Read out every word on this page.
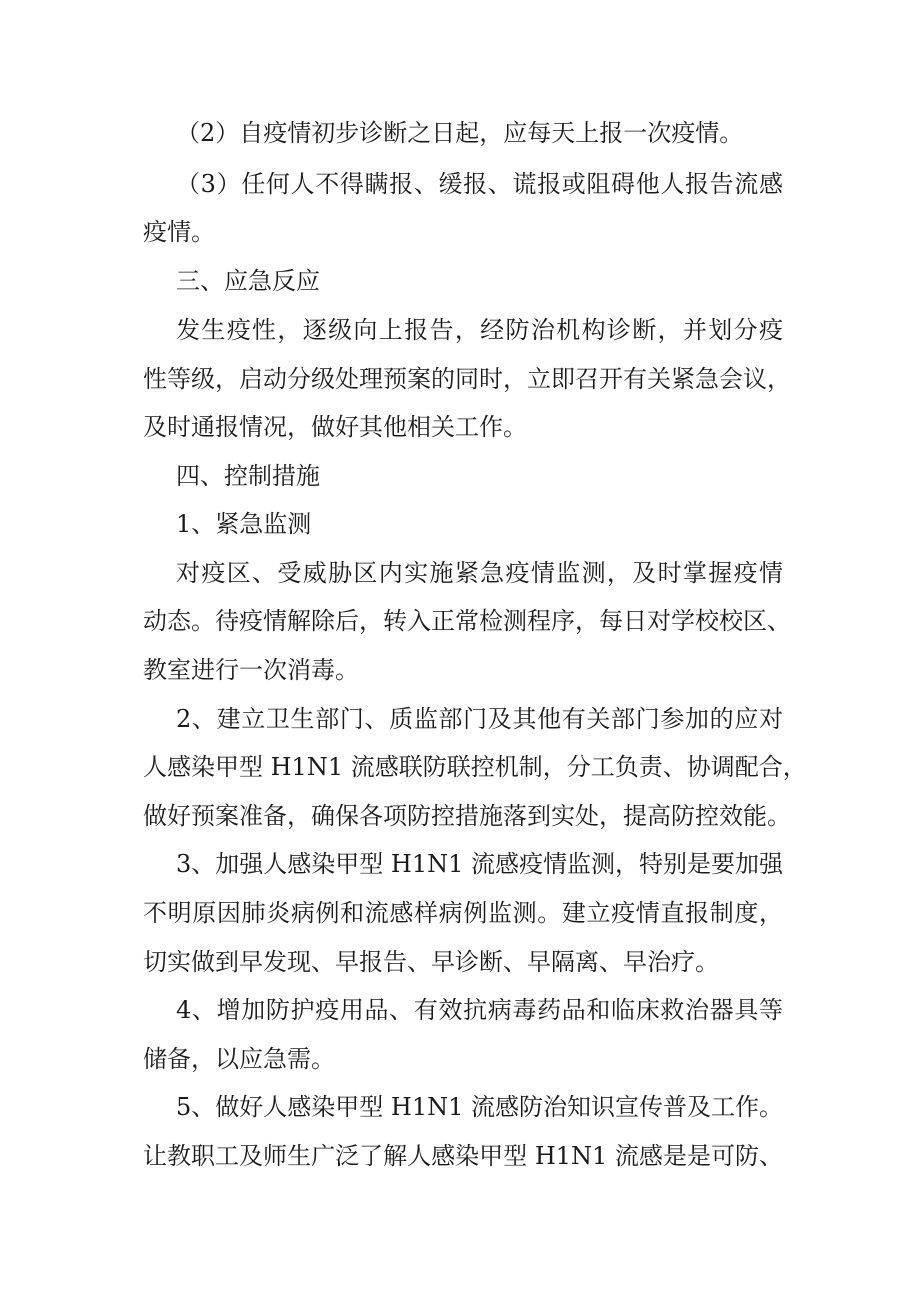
（2）自疫情初步诊断之日起，应每天上报一次疫情。
（3）任何人不得瞒报、缓报、谎报或阻碍他人报告流感
疫情。
三、应急反应
发生疫性，逐级向上报告，经防治机构诊断，并划分疫
性等级，启动分级处理预案的同时，立即召开有关紧急会议，
及时通报情况，做好其他相关工作。
四、控制措施
1、紧急监测
对疫区、受威胁区内实施紧急疫情监测，及时掌握疫情
动态。待疫情解除后，转入正常检测程序，每日对学校校区、
教室进行一次消毒。
2、建立卫生部门、质监部门及其他有关部门参加的应对
人感染甲型 H1N1 流感联防联控机制，分工负责、协调配合，
做好预案准备，确保各项防控措施落到实处，提高防控效能。
3、加强人感染甲型 H1N1 流感疫情监测，特别是要加强
不明原因肺炎病例和流感样病例监测。建立疫情直报制度，
切实做到早发现、早报告、早诊断、早隔离、早治疗。
4、增加防护疫用品、有效抗病毒药品和临床救治器具等
储备，以应急需。
5、做好人感染甲型 H1N1 流感防治知识宣传普及工作。
让教职工及师生广泛了解人感染甲型 H1N1 流感是是可防、
